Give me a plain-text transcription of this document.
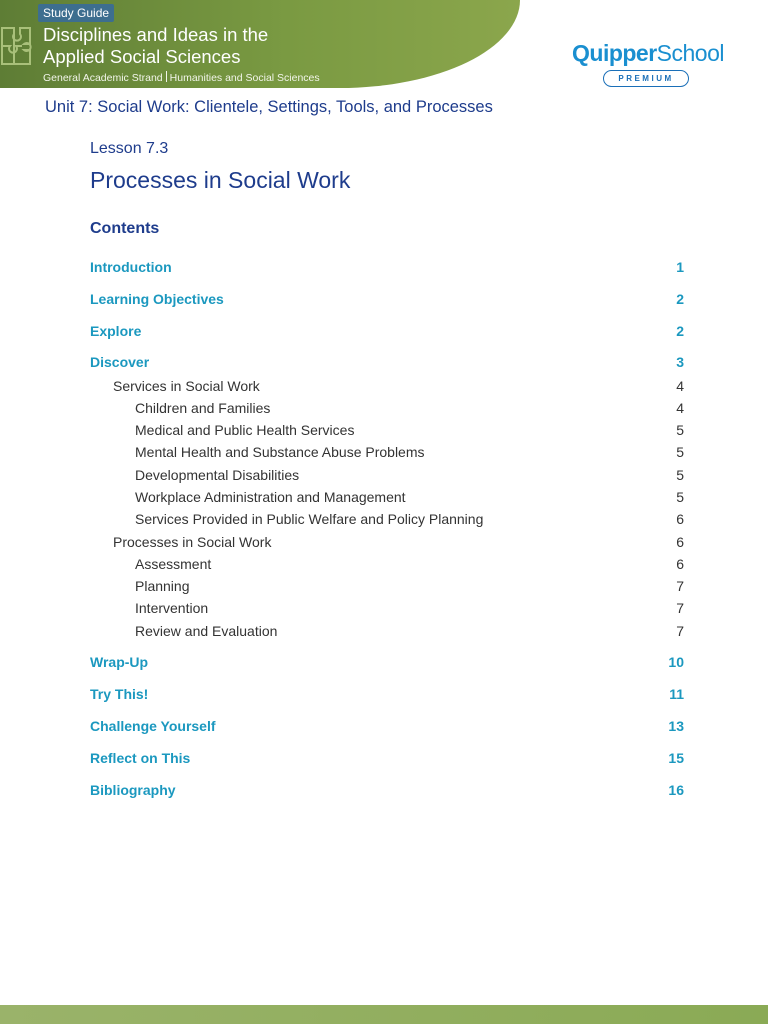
Study Guide
Disciplines and Ideas in the
Applied Social Sciences
General Academic Strand Humanities and Social Sciences
QuipperSchool
PREMIUM
Unit 7: Social Work: Clientele, Settings, Tools, and Processes
Lesson 7.3
Processes in Social Work
Contents
Introduction	1
Learning Objectives	2
Explore	2
Discover	3
Services in Social Work	4
Children and Families	4
Medical and Public Health Services	5
Mental Health and Substance Abuse Problems	5
Developmental Disabilities	5
Workplace Administration and Management	5
Services Provided in Public Welfare and Policy Planning	6
Processes in Social Work	6
Assessment	6
Planning	7
Intervention	7
Review and Evaluation	7
Wrap-Up	10
Try This!	11
Challenge Yourself	13
Reflect on This	15
Bibliography	16
